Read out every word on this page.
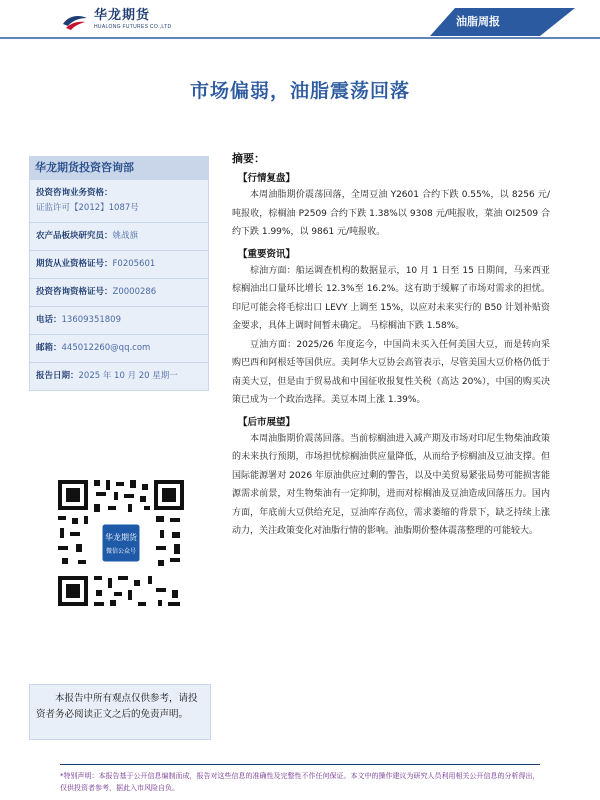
华龙期货
HUALONG FUTURES CO.,LTD	油脂周报
市场偏弱，油脂震荡回落
华龙期货投资咨询部
投资咨询业务资格：
证监许可【2012】1087号
农产品板块研究员：姚战旗
期货从业资格证号：F0205601
投资咨询资格证号：Z0000286
电话：13609351809
邮箱：445012260@qq.com
报告日期：2025 年 10 月 20 星期一
华龙期货
微信公众号
本报告中所有观点仅供参考，请投资者务必阅读正文之后的免责声明。
摘要：
【行情复盘】

本周油脂期价震荡回落，全周豆油 Y2601 合约下跌 0.55%，以 8256 元/吨报收，棕榈油 P2509 合约下跌 1.38%以 9308 元/吨报收，菜油 OI2509 合约下跌 1.99%，以 9861 元/吨报收。

【重要资讯】

棕油方面：船运调查机构的数据显示，10 月 1 日至 15 日期间，马来西亚棕榈油出口量环比增长 12.3%至 16.2%。这有助于缓解了市场对需求的担忧。印尼可能会将毛棕出口 LEVY 上调至 15%，以应对未来实行的 B50 计划补贴资金要求，具体上调时间暂未确定。 马棕榈油下跌 1.58%。

豆油方面：2025/26 年度迄今，中国尚未买入任何美国大豆，而是转向采购巴西和阿根廷等国供应。美阿华大豆协会高管表示，尽管美国大豆价格仍低于南美大豆，但是由于贸易战和中国征收报复性关税（高达 20%），中国的购买决策已成为一个政治选择。美豆本周上涨 1.39%。

【后市展望】

本周油脂期价震荡回落。当前棕榈油进入减产期及市场对印尼生物柴油政策的未来执行预期，市场担忧棕榈油供应量降低，从而给予棕榈油及豆油支撑。但国际能源署对 2026 年原油供应过剩的警告，以及中美贸易紧张局势可能损害能源需求前景，对生物柴油有一定抑制，进而对棕榈油及豆油造成回落压力。国内方面，年底前大豆供给充足，豆油库存高位，需求萎缩的背景下，缺乏持续上涨动力，关注政策变化对油脂行情的影响。油脂期价整体震荡整理的可能较大。

*特别声明：本报告基于公开信息编制而成，报告对这些信息的准确性及完整性不作任何保证。本文中的操作建议为研究人员利用相关公开信息的分析得出，仅供投资者参考，据此入市风险自负。
